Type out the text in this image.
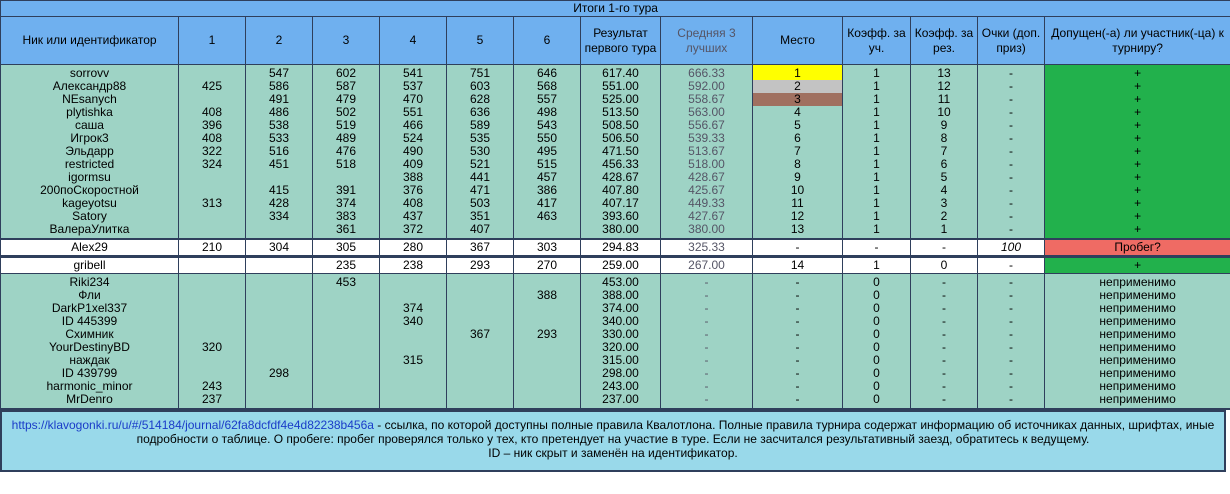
Итоги 1-го тура													
Ник или идентификатор	1	2	3	4	5	6	Результат первого тура	Средняя 3 лучших	Место	Коэфф. за уч.	Коэфф. за рез.	Очки (доп. приз)	Допущен(-а) ли участник(-ца) к турниру?
sorrovv		547	602	541	751	646	617.40	666.33	1	1	13	-	+
Александр88	425	586	587	537	603	568	551.00	592.00	2	1	12	-	+
NEsanych		491	479	470	628	557	525.00	558.67	3	1	11	-	+
plytishka	408	486	502	551	636	498	513.50	563.00	4	1	10	-	+
саша	396	538	519	466	589	543	508.50	556.67	5	1	9	-	+
Игрок3	408	533	489	524	535	550	506.50	539.33	6	1	8	-	+
Эльдарр	322	516	476	490	530	495	471.50	513.67	7	1	7	-	+
restricted	324	451	518	409	521	515	456.33	518.00	8	1	6	-	+
igormsu				388	441	457	428.67	428.67	9	1	5	-	+
200поСкоростной		415	391	376	471	386	407.80	425.67	10	1	4	-	+
kageyotsu	313	428	374	408	503	417	407.17	449.33	11	1	3	-	+
Satory		334	383	437	351	463	393.60	427.67	12	1	2	-	+
ВалераУлитка			361	372	407		380.00	380.00	13	1	1	-	+
Alex29	210	304	305	280	367	303	294.83	325.33	-	-	-	100	Пробег?
gribell			235	238	293	270	259.00	267.00	14	1	0	-	+
Riki234			453				453.00	-	-	0	-	-	неприменимо
Фли						388	388.00	-	-	0	-	-	неприменимо
DarkP1xel337				374			374.00	-	-	0	-	-	неприменимо
ID 445399				340			340.00	-	-	0	-	-	неприменимо
Схимник					367	293	330.00	-	-	0	-	-	неприменимо
YourDestinyBD	320						320.00	-	-	0	-	-	неприменимо
наждак				315			315.00	-	-	0	-	-	неприменимо
ID 439799		298					298.00	-	-	0	-	-	неприменимо
harmonic_minor	243						243.00	-	-	0	-	-	неприменимо
MrDenro	237						237.00	-	-	0	-	-	неприменимо

https://klavogonki.ru/u/#/514184/journal/62fa8dcfdf4e4d82238b456a - ссылка, по которой доступны полные правила Квалотлона. Полные правила турнира содержат информацию об источниках данных, шрифтах, иные

подробности о таблице. О пробеге: пробег проверялся только у тех, кто претендует на участие в туре. Если не засчитался результативный заезд, обратитесь к ведущему.

ID – ник скрыт и заменён на идентификатор.
